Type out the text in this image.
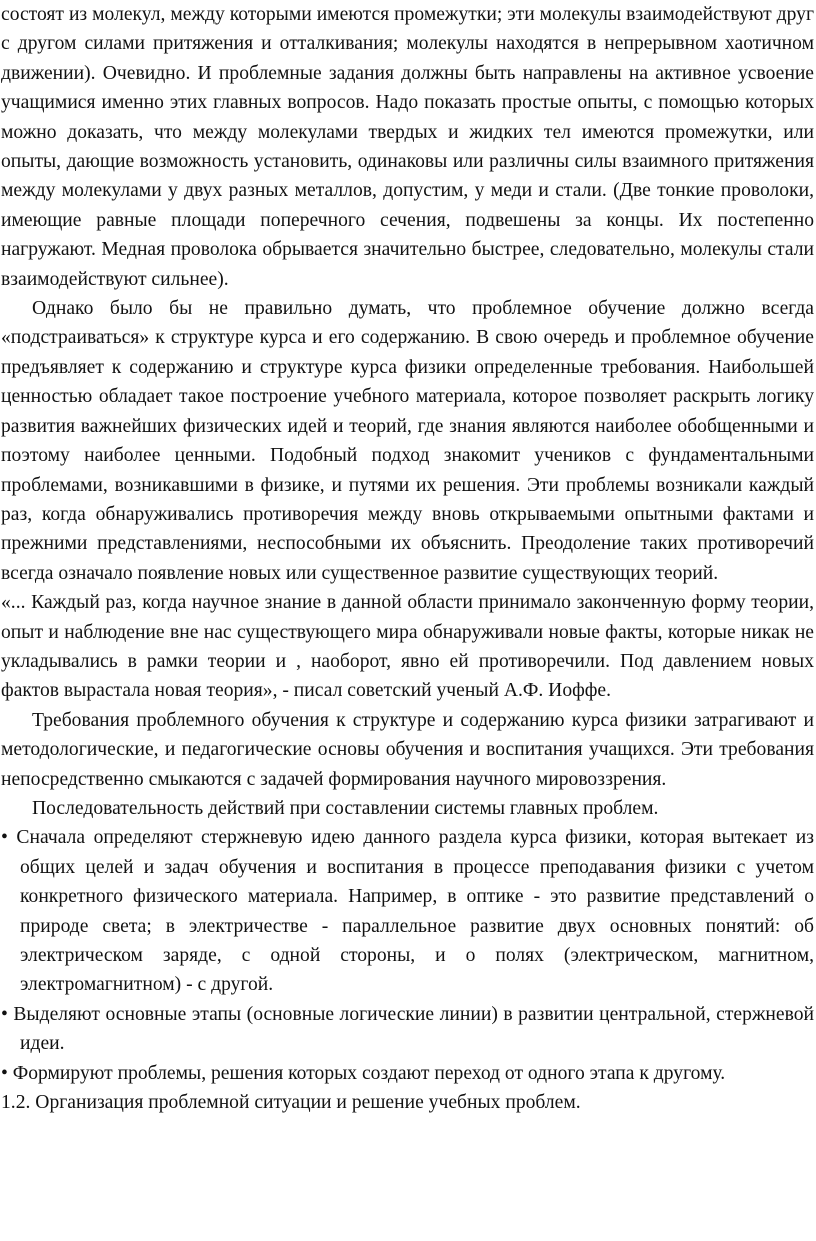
состоят из молекул, между которыми имеются промежутки; эти молекулы взаимодействуют друг с другом силами притяжения и отталкивания; молекулы находятся в непрерывном хаотичном движении). Очевидно. И проблемные задания должны быть направлены на активное усвоение учащимися именно этих главных вопросов. Надо показать простые опыты, с помощью которых можно доказать, что между молекулами твердых и жидких тел имеются промежутки, или опыты, дающие возможность установить, одинаковы или различны силы взаимного притяжения между молекулами у двух разных металлов, допустим, у меди и стали. (Две тонкие проволоки, имеющие равные площади поперечного сечения, подвешены за концы. Их постепенно нагружают. Медная проволока обрывается значительно быстрее, следовательно, молекулы стали взаимодействуют сильнее).

Однако было бы не правильно думать, что проблемное обучение должно всегда «подстраиваться» к структуре курса и его содержанию. В свою очередь и проблемное обучение предъявляет к содержанию и структуре курса физики определенные требования. Наибольшей ценностью обладает такое построение учебного материала, которое позволяет раскрыть логику развития важнейших физических идей и теорий, где знания являются наиболее обобщенными и поэтому наиболее ценными. Подобный подход знакомит учеников с фундаментальными проблемами, возникавшими в физике, и путями их решения. Эти проблемы возникали каждый раз, когда обнаруживались противоречия между вновь открываемыми опытными фактами и прежними представлениями, неспособными их объяснить. Преодоление таких противоречий всегда означало появление новых или существенное развитие существующих теорий.

«... Каждый раз, когда научное знание в данной области принимало законченную форму теории, опыт и наблюдение вне нас существующего мира обнаруживали новые факты, которые никак не укладывались в рамки теории и , наоборот, явно ей противоречили. Под давлением новых фактов вырастала новая теория», - писал советский ученый А.Ф. Иоффе.

Требования проблемного обучения к структуре и содержанию курса физики затрагивают и методологические, и педагогические основы обучения и воспитания учащихся. Эти требования непосредственно смыкаются с задачей формирования научного мировоззрения.

Последовательность действий при составлении системы главных проблем.

• Сначала определяют стержневую идею данного раздела курса физики, которая вытекает из общих целей и задач обучения и воспитания в процессе преподавания физики с учетом конкретного физического материала. Например, в оптике - это развитие представлений о природе света; в электричестве - параллельное развитие двух основных понятий: об электрическом заряде, с одной стороны, и о полях (электрическом, магнитном, электромагнитном) - с другой.
• Выделяют основные этапы (основные логические линии) в развитии центральной, стержневой идеи.
• Формируют проблемы, решения которых создают переход от одного этапа к другому.

1.2. Организация проблемной ситуации и решение учебных проблем.
